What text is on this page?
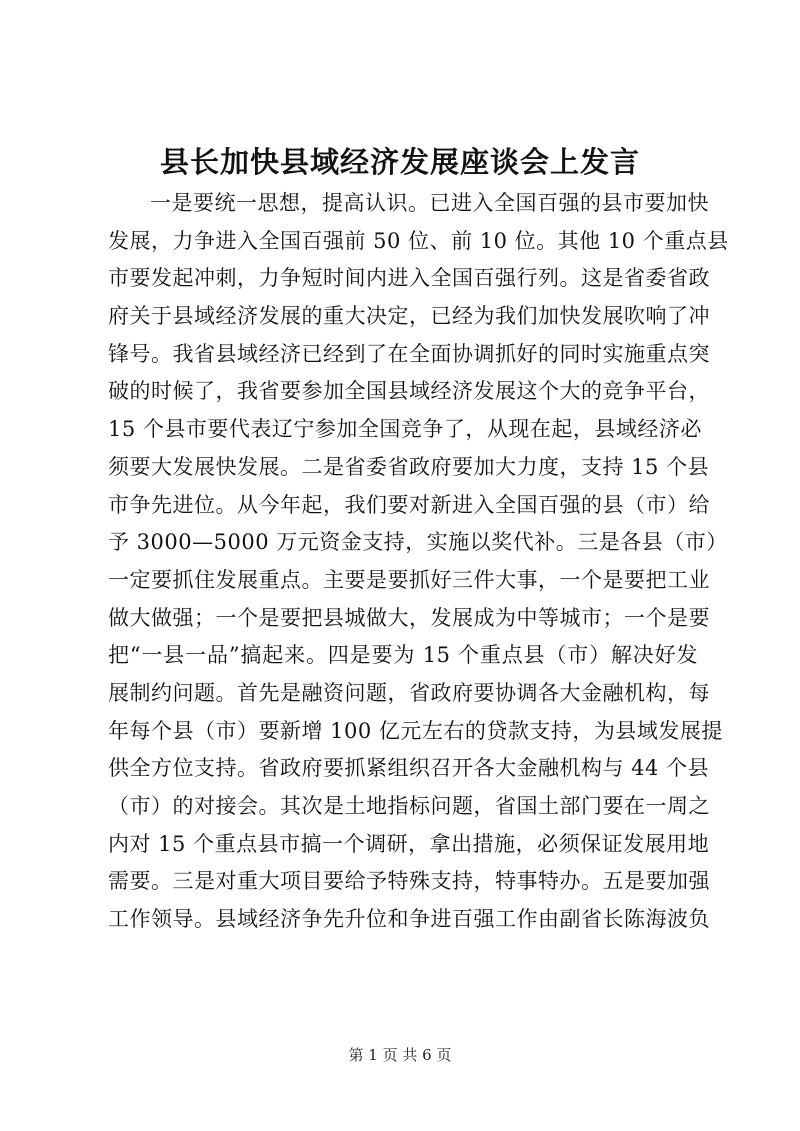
县长加快县域经济发展座谈会上发言
一是要统一思想，提高认识。已进入全国百强的县市要加快
发展，力争进入全国百强前 50 位、前 10 位。其他 10 个重点县
市要发起冲刺，力争短时间内进入全国百强行列。这是省委省政
府关于县域经济发展的重大决定，已经为我们加快发展吹响了冲
锋号。我省县域经济已经到了在全面协调抓好的同时实施重点突
破的时候了，我省要参加全国县域经济发展这个大的竞争平台，
15 个县市要代表辽宁参加全国竞争了，从现在起，县域经济必
须要大发展快发展。二是省委省政府要加大力度，支持 15 个县
市争先进位。从今年起，我们要对新进入全国百强的县（市）给
予 3000—5000 万元资金支持，实施以奖代补。三是各县（市）
一定要抓住发展重点。主要是要抓好三件大事，一个是要把工业
做大做强；一个是要把县城做大，发展成为中等城市；一个是要
把“一县一品”搞起来。四是要为 15 个重点县（市）解决好发
展制约问题。首先是融资问题，省政府要协调各大金融机构，每
年每个县（市）要新增 100 亿元左右的贷款支持，为县域发展提
供全方位支持。省政府要抓紧组织召开各大金融机构与 44 个县
（市）的对接会。其次是土地指标问题，省国土部门要在一周之
内对 15 个重点县市搞一个调研，拿出措施，必须保证发展用地
需要。三是对重大项目要给予特殊支持，特事特办。五是要加强
工作领导。县域经济争先升位和争进百强工作由副省长陈海波负
第 1 页 共 6 页
